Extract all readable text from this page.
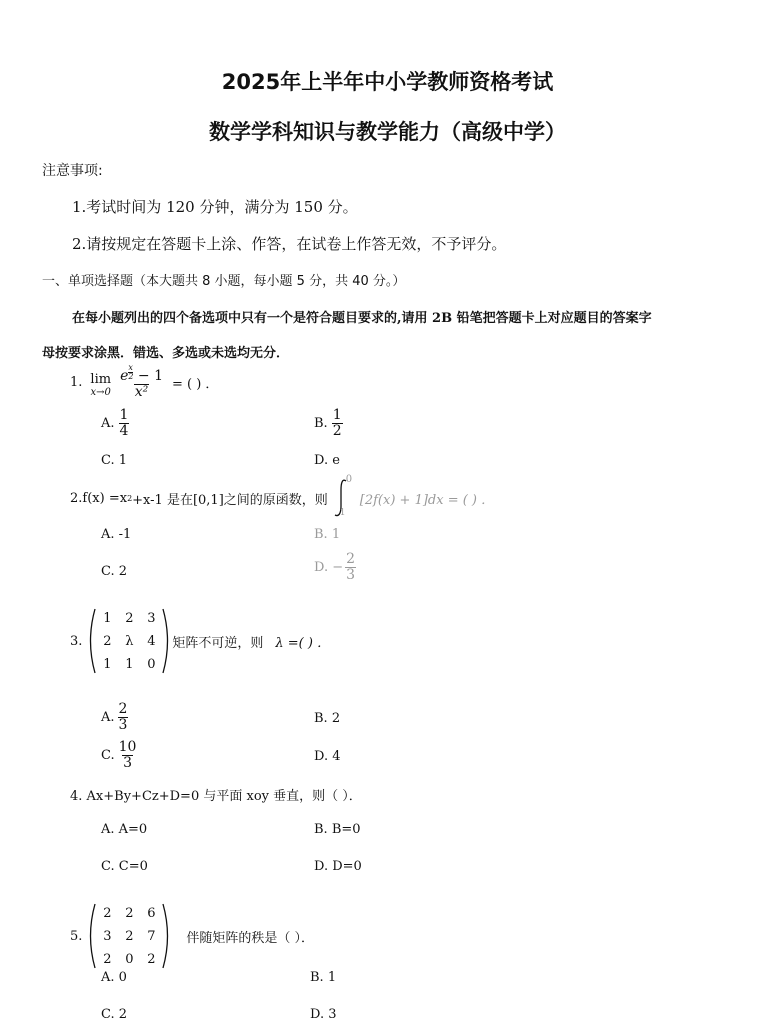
2025年上半年中小学教师资格考试
数学学科知识与教学能力（高级中学）
注意事项:
1.考试时间为 120 分钟，满分为 150 分。
2.请按规定在答题卡上涂、作答，在试卷上作答无效，不予评分。
一、单项选择题（本大题共 8 小题，每小题 5 分，共 40 分。）
在每小题列出的四个备选项中只有一个是符合题目要求的,请用 2B 铅笔把答题卡上对应题目的答案字
母按要求涂黑．错选、多选或未选均无分．
1. lim
x→0 e $^{\frac{x}{2}}$ − 1
x² = ( ) ．
A. $\frac{1}{4}$	B. $\frac{1}{2}$
C. 1	D. e
2. f(x) =x 2 +x-1 是在[0,1]之间的原函数，则
0
1
[2f(x) + 1]dx = ( ) ．
A. -1	B. 1
C. 2	D. − $\frac{2}{3}$
3.
1	2	3
2	λ	4
1	1	0
矩阵不可逆，则 λ =( ) ．
A. $\frac{2}{3}$	B. 2
C. $\frac{10}{3}$	D. 4
4. Ax+By+Cz+D=0 与平面 xoy 垂直，则（ ）．
A. A=0	B. B=0
C. C=0	D. D=0
5.
2	2	6
3	2	7
2	0	2
伴随矩阵的秩是（ ）．
A. 0	B. 1
C. 2	D. 3
